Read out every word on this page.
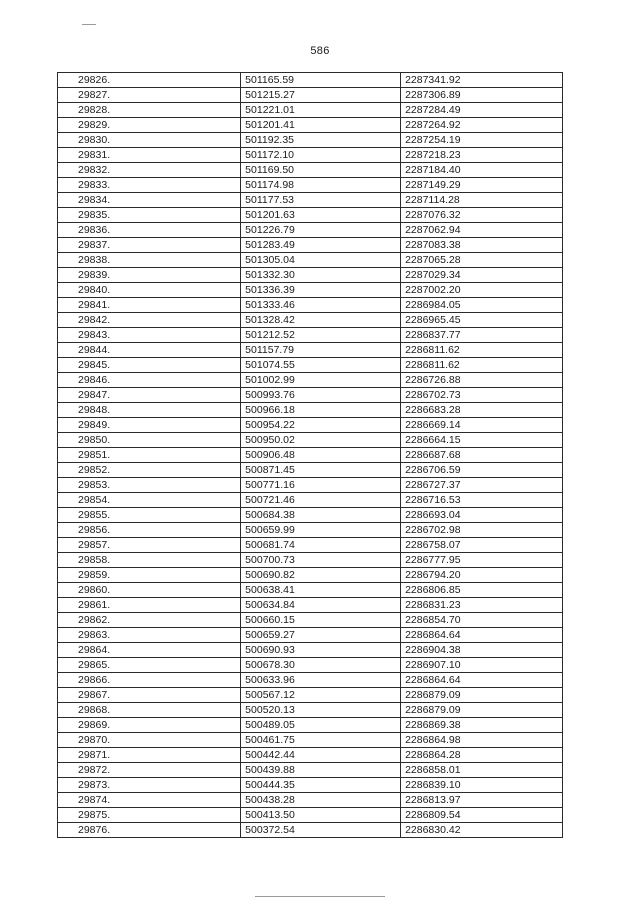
586
29826.	501165.59	2287341.92
29827.	501215.27	2287306.89
29828.	501221.01	2287284.49
29829.	501201.41	2287264.92
29830.	501192.35	2287254.19
29831.	501172.10	2287218.23
29832.	501169.50	2287184.40
29833.	501174.98	2287149.29
29834.	501177.53	2287114.28
29835.	501201.63	2287076.32
29836.	501226.79	2287062.94
29837.	501283.49	2287083.38
29838.	501305.04	2287065.28
29839.	501332.30	2287029.34
29840.	501336.39	2287002.20
29841.	501333.46	2286984.05
29842.	501328.42	2286965.45
29843.	501212.52	2286837.77
29844.	501157.79	2286811.62
29845.	501074.55	2286811.62
29846.	501002.99	2286726.88
29847.	500993.76	2286702.73
29848.	500966.18	2286683.28
29849.	500954.22	2286669.14
29850.	500950.02	2286664.15
29851.	500906.48	2286687.68
29852.	500871.45	2286706.59
29853.	500771.16	2286727.37
29854.	500721.46	2286716.53
29855.	500684.38	2286693.04
29856.	500659.99	2286702.98
29857.	500681.74	2286758.07
29858.	500700.73	2286777.95
29859.	500690.82	2286794.20
29860.	500638.41	2286806.85
29861.	500634.84	2286831.23
29862.	500660.15	2286854.70
29863.	500659.27	2286864.64
29864.	500690.93	2286904.38
29865.	500678.30	2286907.10
29866.	500633.96	2286864.64
29867.	500567.12	2286879.09
29868.	500520.13	2286879.09
29869.	500489.05	2286869.38
29870.	500461.75	2286864.98
29871.	500442.44	2286864.28
29872.	500439.88	2286858.01
29873.	500444.35	2286839.10
29874.	500438.28	2286813.97
29875.	500413.50	2286809.54
29876.	500372.54	2286830.42
